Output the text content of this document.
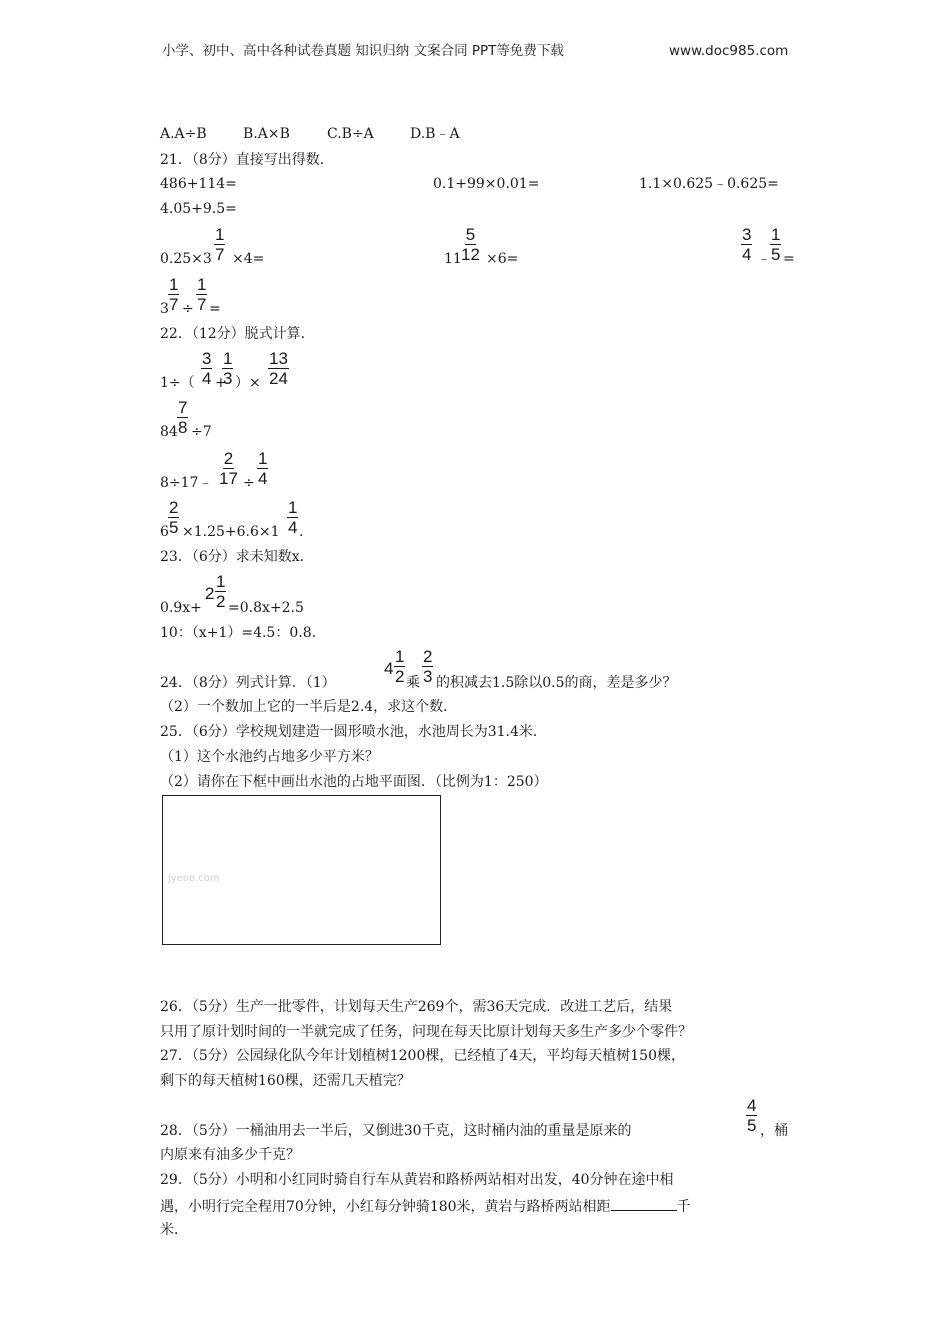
小学、初中、高中各种试卷真题 知识归纳 文案合同 PPT等免费下载	www.doc985.com
A.A÷B	B.A×B	C.B÷A	D.B﹣A
21．（8分）直接写出得数．
486+114=	0.1+99×0.01=	1.1×0.625﹣0.625=
4.05+9.5=
$0.25\times 3 \frac{1}{7} \times 4=$	$11 \frac{5}{12} \times 6=$	$\frac{3}{4}$ ﹣ $\frac{1}{5}$ =
$3 \frac{1}{7} \div \frac{1}{7}$ =
22．（12分）脱式计算．
$1\div( \frac{3}{4}$ +
$\frac{1}{3}$ ）× $\frac{13}{24}$
$84 \frac{7}{8} \div 7$
8÷17﹣ $\frac{2}{17} \div \frac{1}{4}$
$6 \frac{2}{5} \times 1.25+6.6\times 1 \frac{1}{4}$ .
23．（6分）求未知数x．
0.9x+
$2 \frac{1}{2} =0.8x+2.5$
10：（x+1）=4.5：0.8.
24．（8分）列式计算．（1）
$4 \frac{1}{2}$ 乘 $\frac{2}{3}$ 的积减去1.5除以0.5的商，差是多少？
（2）一个数加上它的一半后是2.4，求这个数．
25．（6分）学校规划建造一圆形喷水池，水池周长为31.4米．
（1）这个水池约占地多少平方米？
（2）请你在下框中画出水池的占地平面图．（比例为1：250）
jyeoo.com
26．（5分）生产一批零件，计划每天生产269个，需36天完成．改进工艺后，结果
只用了原计划时间的一半就完成了任务，问现在每天比原计划每天多生产多少个零件？
27．（5分）公园绿化队今年计划植树1200棵，已经植了4天，平均每天植树150棵，
剩下的每天植树160棵，还需几天植完？
28．（5分）一桶油用去一半后，又倒进30千克，这时桶内油的重量是原来的	$\frac{4}{5}$ ，桶
内原来有油多少千克？
29．（5分）小明和小红同时骑自行车从黄岩和路桥两站相对出发，40分钟在途中相
遇，小明行完全程用70分钟，小红每分钟骑180米，黄岩与路桥两站相距	千
米．
